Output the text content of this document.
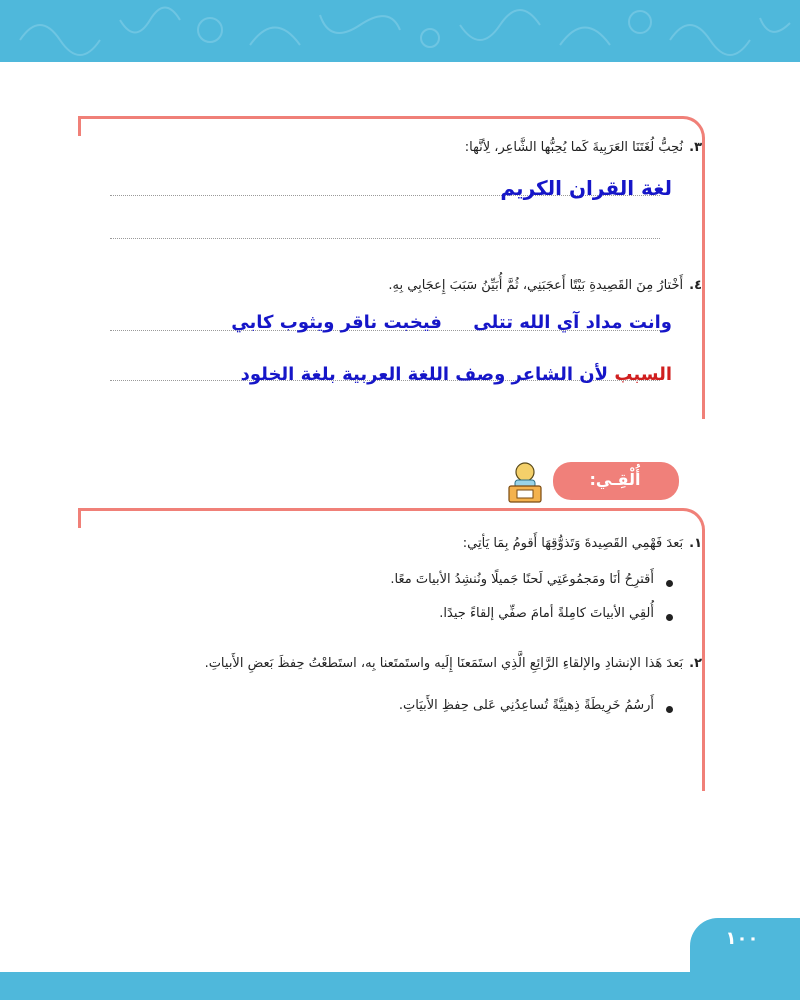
٣.نُحِبُّ لُغَتَنَا العَرَبِيةَ كَما يُحِبُّها الشَّاعِر، لِأنَّها:
لغة القران الكريم
٤.أَخْتارُ مِنَ القَصِيدةِ بَيْتًا أَعجَبَنِي، ثُمَّ أُبَيِّنُ سَبَبَ إِعجَابِي بِهِ.
وانت مداد آي الله تتلى     فيخبت ناقر ويثوب كابي
السبب لأن الشاعر وصف اللغة العربية بلغة الخلود
أُلْقِـي:
١.بَعدَ فَهْمِي القَصِيدةَ وَتَذوُّقِهَا أَقومُ بِمَا يَأتِي:
أَقترِحُ أنَا ومَجمُوعَتِي لَحنًا جَميلًا ونُنشِدُ الأبياتَ معًا.
أُلقِي الأبياتَ كامِلةً أمامَ صفِّي إلقاءً جيدًا.
٢.بَعدَ هَذا الإنشادِ والإلقاءِ الرَّائِعِ الَّذِي استَمَعنَا إِلَيه واستَمتَعنا بِه، استَطعْتُ حِفظَ بَعضِ الأَبياتِ.
أَرسُمُ خَرِيطَةً ذِهنِيَّةً تُساعِدُنِي عَلى حِفظِ الأَبيَاتِ.
١٠٠
